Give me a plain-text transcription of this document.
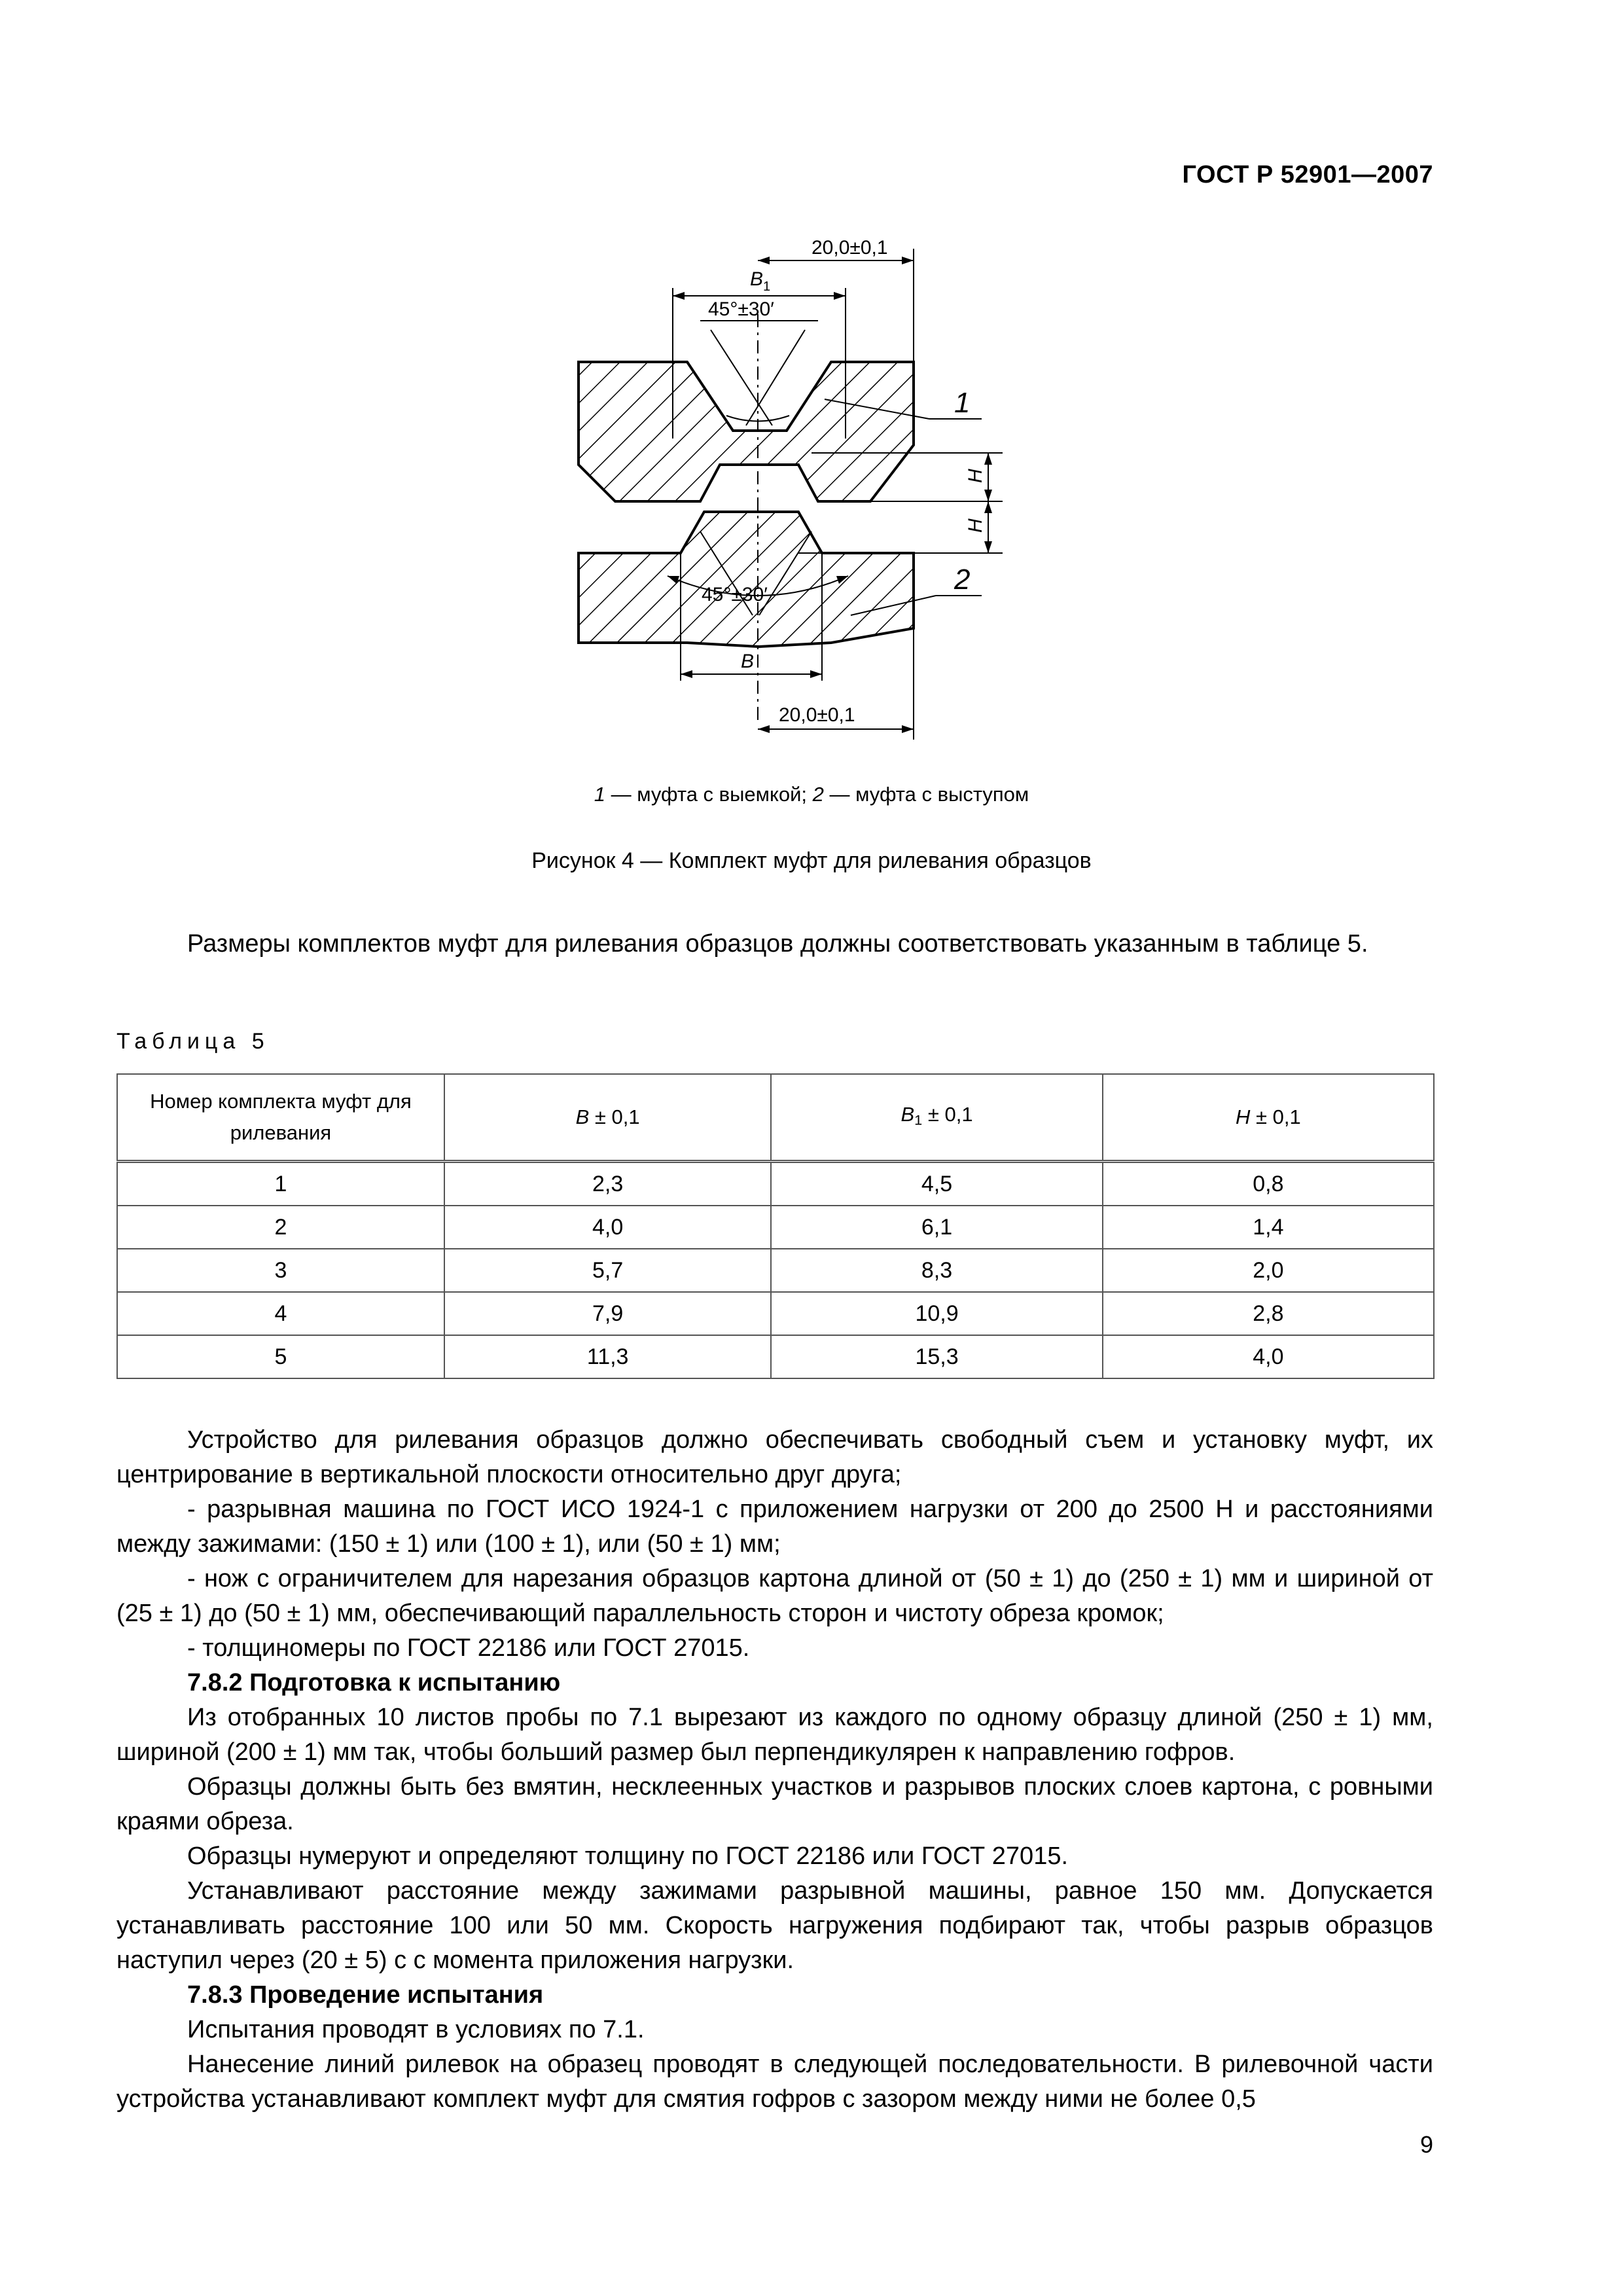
ГОСТ Р 52901—2007
20,0±0,1
$B_1$
45°±30′
1
H
H
45°±30′	2
B
20,0±0,1
1 — муфта с выемкой; 2 — муфта с выступом
Рисунок 4 — Комплект муфт для рилевания образцов

Размеры комплектов муфт для рилевания образцов должны соответствовать указанным в таблице 5.

Таблица 5
Номер комплекта муфт для рилевания	B ± 0,1	$B_1 \pm 0,1$	H ± 0,1
1	2,3	4,5	0,8
2	4,0	6,1	1,4
3	5,7	8,3	2,0
4	7,9	10,9	2,8
5	11,3	15,3	4,0

Устройство для рилевания образцов должно обеспечивать свободный съем и установку муфт, их центрирование в вертикальной плоскости относительно друг друга;

- разрывная машина по ГОСТ ИСО 1924-1 с приложением нагрузки от 200 до 2500 Н и расстояниями между зажимами: (150 ± 1) или (100 ± 1), или (50 ± 1) мм;

- нож с ограничителем для нарезания образцов картона длиной от (50 ± 1) до (250 ± 1) мм и шириной от (25 ± 1) до (50 ± 1) мм, обеспечивающий параллельность сторон и чистоту обреза кромок;

- толщиномеры по ГОСТ 22186 или ГОСТ 27015.

7.8.2 Подготовка к испытанию

Из отобранных 10 листов пробы по 7.1 вырезают из каждого по одному образцу длиной (250 ± 1) мм, шириной (200 ± 1) мм так, чтобы больший размер был перпендикулярен к направлению гофров.

Образцы должны быть без вмятин, несклеенных участков и разрывов плоских слоев картона, с ровными краями обреза.

Образцы нумеруют и определяют толщину по ГОСТ 22186 или ГОСТ 27015.

Устанавливают расстояние между зажимами разрывной машины, равное 150 мм. Допускается устанавливать расстояние 100 или 50 мм. Скорость нагружения подбирают так, чтобы разрыв образцов наступил через (20 ± 5) с с момента приложения нагрузки.

7.8.3 Проведение испытания

Испытания проводят в условиях по 7.1.

Нанесение линий рилевок на образец проводят в следующей последовательности. В рилевочной части устройства устанавливают комплект муфт для смятия гофров с зазором между ними не более 0,5

9
